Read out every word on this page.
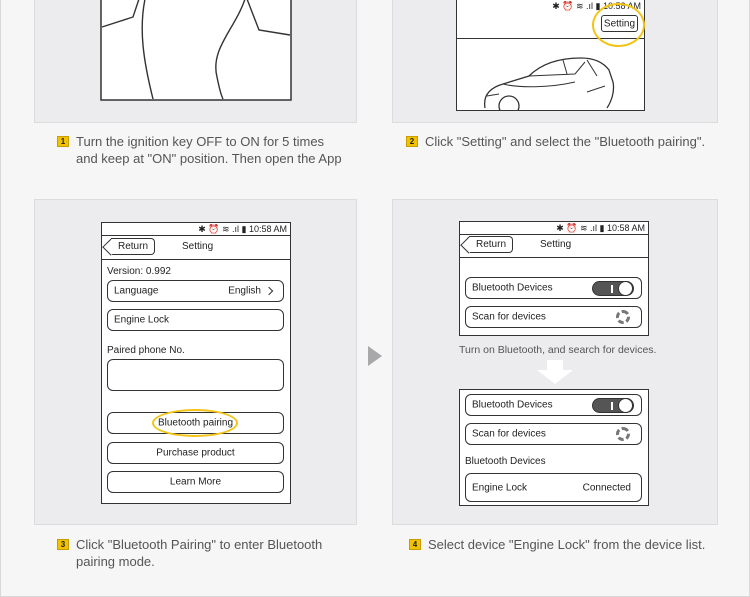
✱ ⏰ ≋ .ıl ▮ 10:58 AM
Setting
1 Turn the ignition key OFF to ON for 5 times
and keep at "ON" position. Then open the App
2 Click "Setting" and select the "Bluetooth pairing".
✱ ⏰ ≋ .ıl ▮ 10:58 AM
Return	Setting
Version: 0.992
Language	English
Engine Lock
Paired phone No.
Bluetooth pairing
Purchase product
Learn More
✱ ⏰ ≋ .ıl ▮ 10:58 AM
Return	Setting
Bluetooth Devices
Scan for devices
Turn on Bluetooth, and search for devices.
Bluetooth Devices
Scan for devices
Bluetooth Devices
Engine Lock	Connected
3 Click "Bluetooth Pairing" to enter Bluetooth
pairing mode.
4 Select device "Engine Lock" from the device list.
